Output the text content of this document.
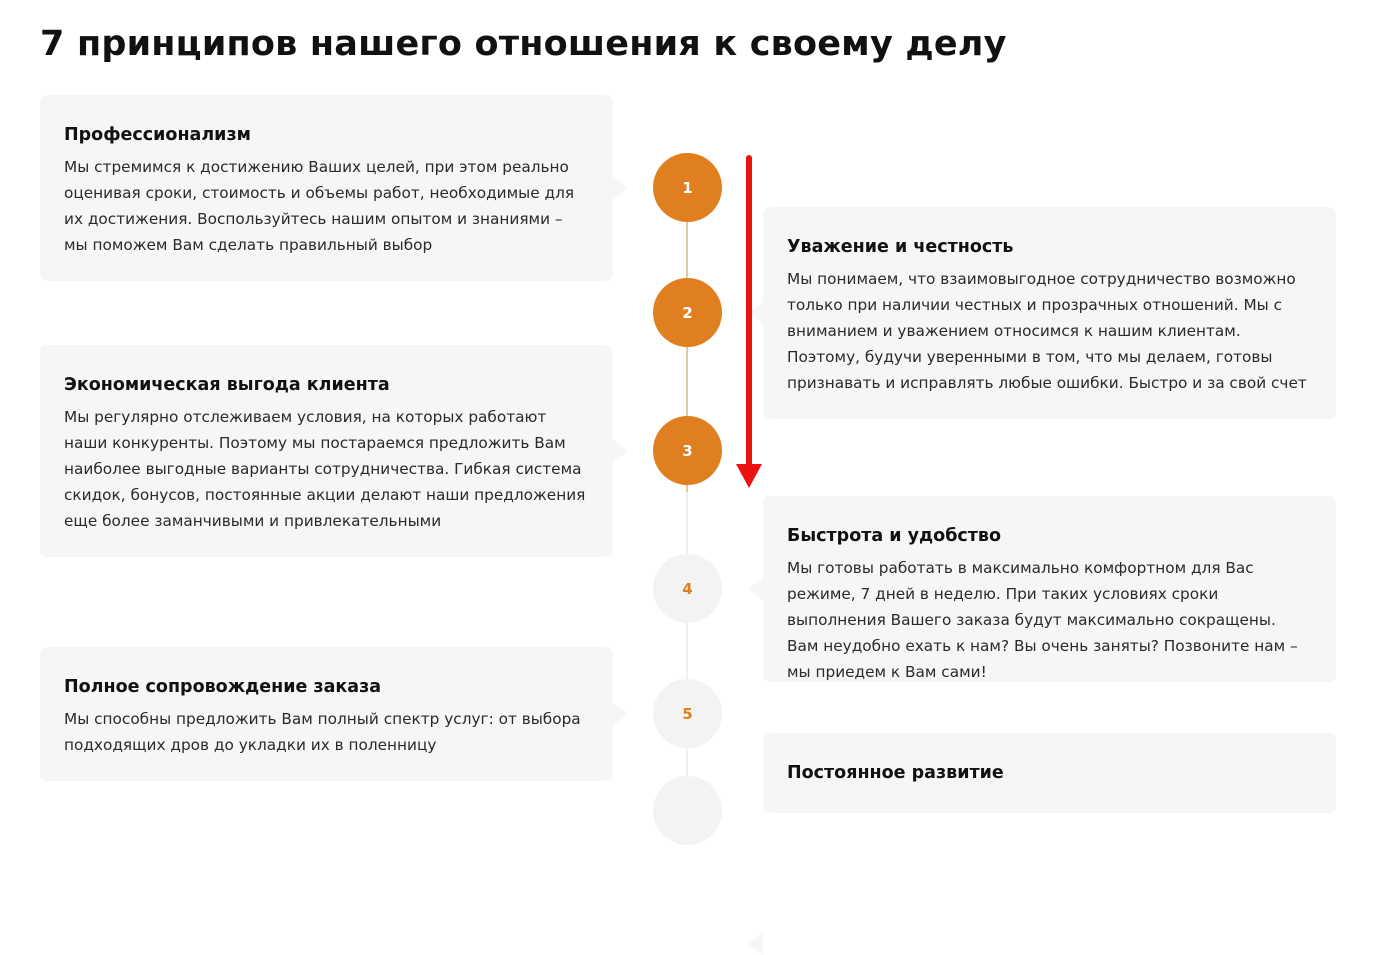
7 принципов нашего отношения к своему делу
Профессионализм

Мы стремимся к достижению Ваших целей, при этом реально оценивая сроки, стоимость и объемы работ, необходимые для их достижения. Воспользуйтесь нашим опытом и знаниями – мы поможем Вам сделать правильный выбор	Уважение и честность

Мы понимаем, что взаимовыгодное сотрудничество возможно только при наличии честных и прозрачных отношений. Мы с вниманием и уважением относимся к нашим клиентам. Поэтому, будучи уверенными в том, что мы делаем, готовы признавать и исправлять любые ошибки. Быстро и за свой счет

Экономическая выгода клиента

Мы регулярно отслеживаем условия, на которых работают наши конкуренты. Поэтому мы постараемся предложить Вам наиболее выгодные варианты сотрудничества. Гибкая система скидок, бонусов, постоянные акции делают наши предложения еще более заманчивыми и привлекательными

Быстрота и удобство

Мы готовы работать в максимально комфортном для Вас режиме, 7 дней в неделю. При таких условиях сроки выполнения Вашего заказа будут максимально сокращены. Вам неудобно ехать к нам? Вы очень заняты? Позвоните нам – мы приедем к Вам сами!

Полное сопровождение заказа

Мы способны предложить Вам полный спектр услуг: от выбора подходящих дров до укладки их в поленницу

Постоянное развитие
1
2
3
4
5
